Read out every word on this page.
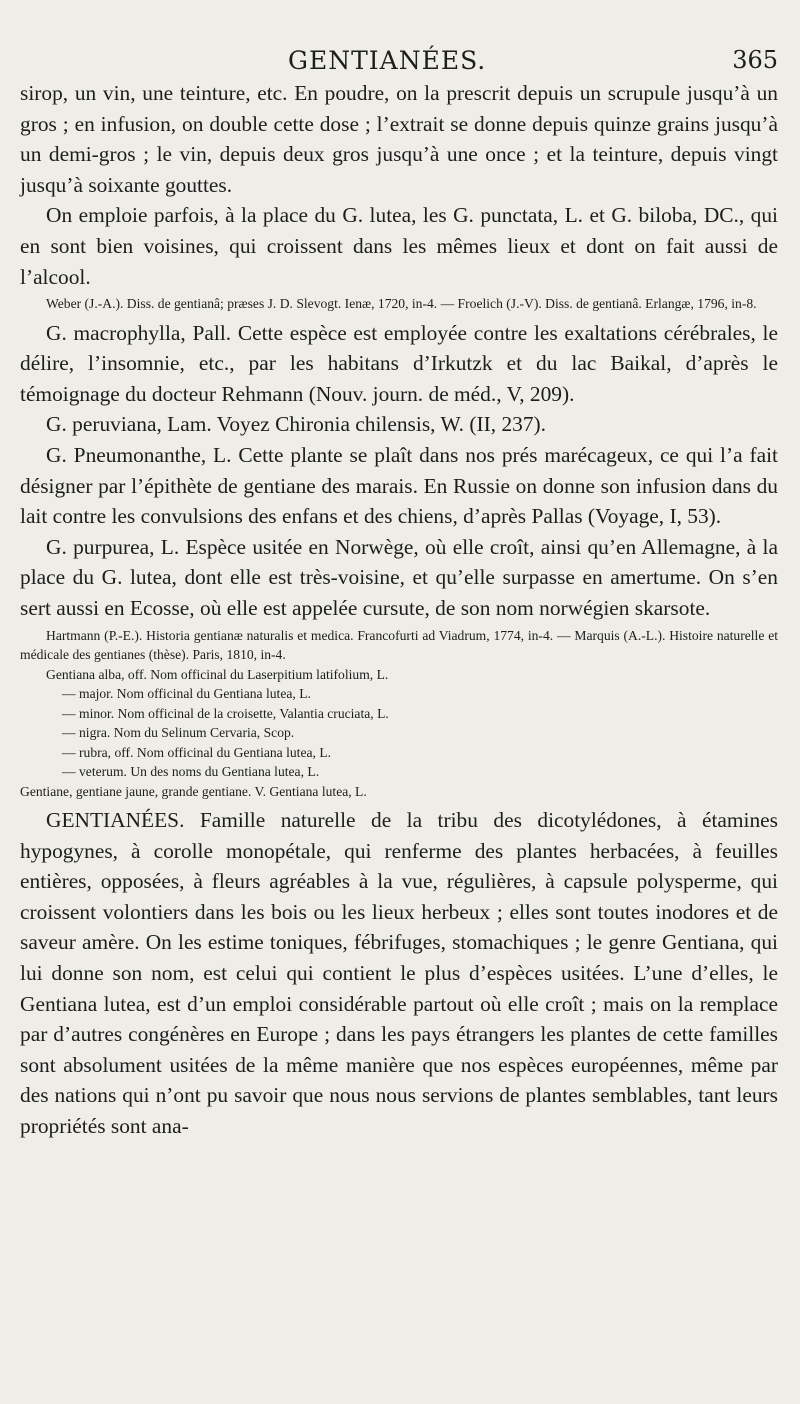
GENTIANÉES.	365

sirop, un vin, une teinture, etc. En poudre, on la prescrit depuis un scrupule jusqu’à un gros ; en infusion, on double cette dose ; l’extrait se donne depuis quinze grains jusqu’à un demi-gros ; le vin, depuis deux gros jusqu’à une once ; et la teinture, depuis vingt jusqu’à soixante gouttes.

On emploie parfois, à la place du G. lutea, les G. punctata, L. et G. biloba, DC., qui en sont bien voisines, qui croissent dans les mêmes lieux et dont on fait aussi de l’alcool.

Weber (J.-A.). Diss. de gentianâ; præses J. D. Slevogt. Ienæ, 1720, in-4. — Froelich (J.-V). Diss. de gentianâ. Erlangæ, 1796, in-8.

G. macrophylla, Pall. Cette espèce est employée contre les exaltations cérébrales, le délire, l’insomnie, etc., par les habitans d’Irkutzk et du lac Baikal, d’après le témoignage du docteur Rehmann (Nouv. journ. de méd., V, 209).

G. peruviana, Lam. Voyez Chironia chilensis, W. (II, 237).

G. Pneumonanthe, L. Cette plante se plaît dans nos prés marécageux, ce qui l’a fait désigner par l’épithète de gentiane des marais. En Russie on donne son infusion dans du lait contre les convulsions des enfans et des chiens, d’après Pallas (Voyage, I, 53).

G. purpurea, L. Espèce usitée en Norwège, où elle croît, ainsi qu’en Allemagne, à la place du G. lutea, dont elle est très-voisine, et qu’elle surpasse en amertume. On s’en sert aussi en Ecosse, où elle est appelée cursute, de son nom norwégien skarsote.

Hartmann (P.-E.). Historia gentianæ naturalis et medica. Francofurti ad Viadrum, 1774, in-4. — Marquis (A.-L.). Histoire naturelle et médicale des gentianes (thèse). Paris, 1810, in-4.

Gentiana alba, off. Nom officinal du Laserpitium latifolium, L.

— major. Nom officinal du Gentiana lutea, L.

— minor. Nom officinal de la croisette, Valantia cruciata, L.

— nigra. Nom du Selinum Cervaria, Scop.

— rubra, off. Nom officinal du Gentiana lutea, L.

— veterum. Un des noms du Gentiana lutea, L.

Gentiane, gentiane jaune, grande gentiane. V. Gentiana lutea, L.

GENTIANÉES. Famille naturelle de la tribu des dicotylédones, à étamines hypogynes, à corolle monopétale, qui renferme des plantes herbacées, à feuilles entières, opposées, à fleurs agréables à la vue, régulières, à capsule polysperme, qui croissent volontiers dans les bois ou les lieux herbeux ; elles sont toutes inodores et de saveur amère. On les estime toniques, fébrifuges, stomachiques ; le genre Gentiana, qui lui donne son nom, est celui qui contient le plus d’espèces usitées. L’une d’elles, le Gentiana lutea, est d’un emploi considérable partout où elle croît ; mais on la remplace par d’autres congénères en Europe ; dans les pays étrangers les plantes de cette familles sont absolument usitées de la même manière que nos espèces européennes, même par des nations qui n’ont pu savoir que nous nous servions de plantes semblables, tant leurs propriétés sont ana-
